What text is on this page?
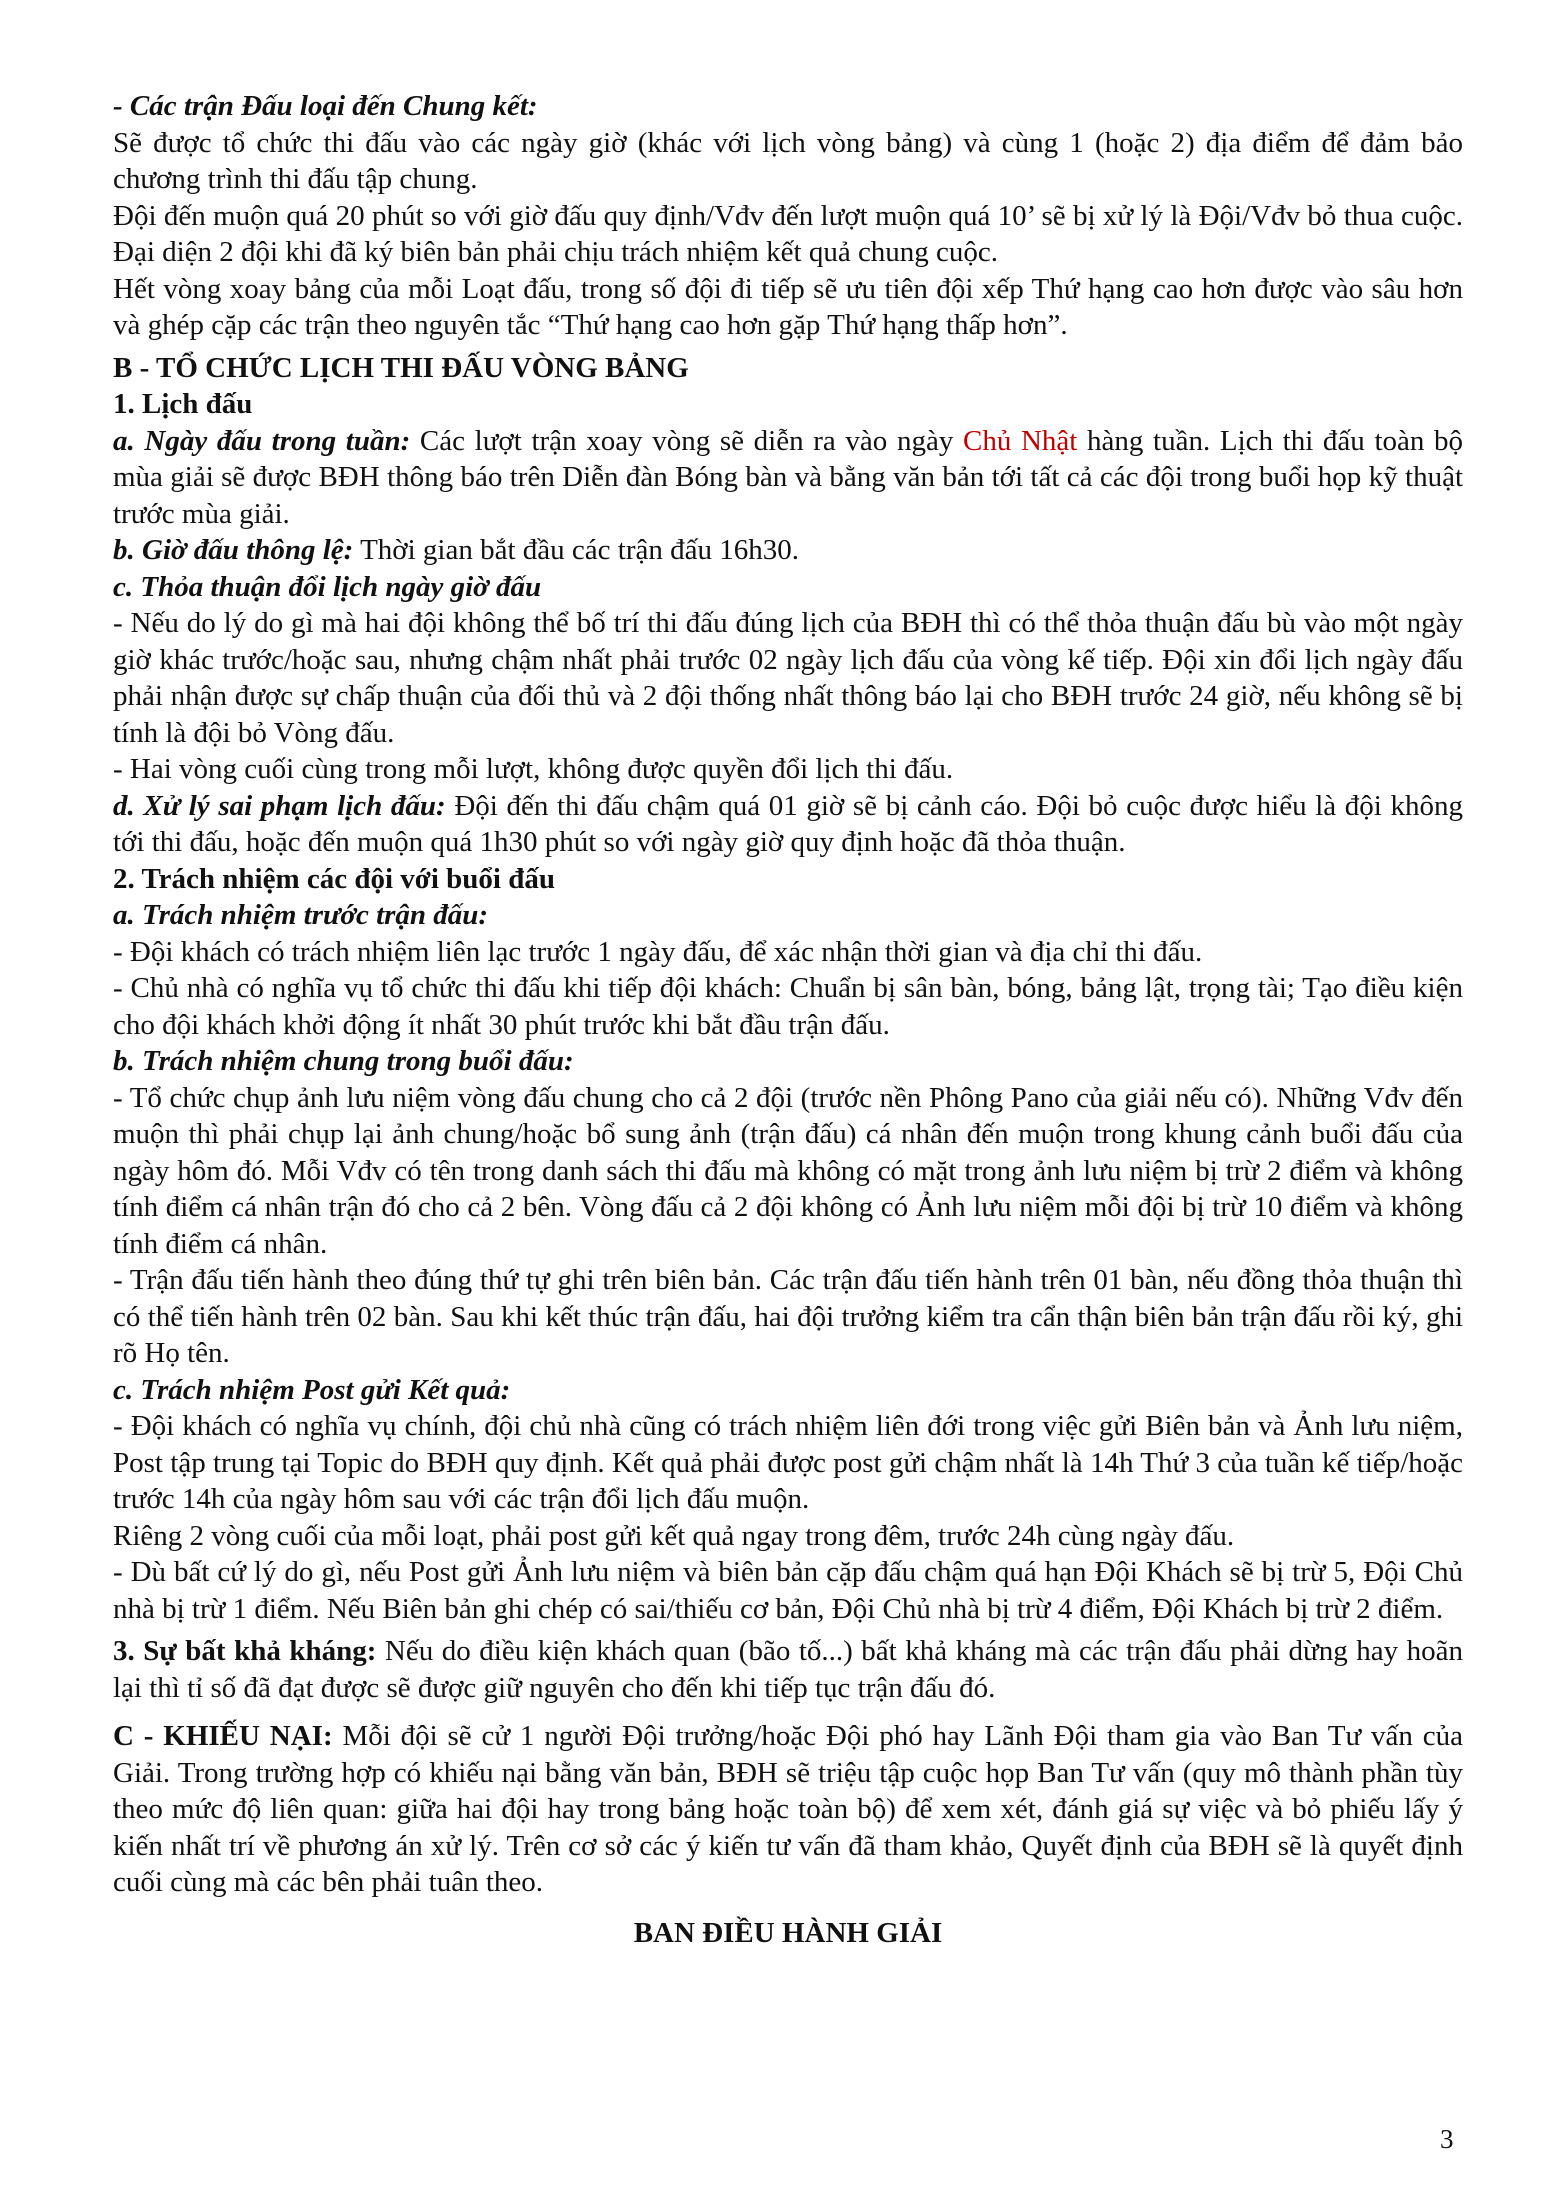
- Các trận Đấu loại đến Chung kết:

Sẽ được tổ chức thi đấu vào các ngày giờ (khác với lịch vòng bảng) và cùng 1 (hoặc 2) địa điểm để đảm bảo chương trình thi đấu tập chung.

Đội đến muộn quá 20 phút so với giờ đấu quy định/Vđv đến lượt muộn quá 10’ sẽ bị xử lý là Đội/Vđv bỏ thua cuộc. Đại diện 2 đội khi đã ký biên bản phải chịu trách nhiệm kết quả chung cuộc.

Hết vòng xoay bảng của mỗi Loạt đấu, trong số đội đi tiếp sẽ ưu tiên đội xếp Thứ hạng cao hơn được vào sâu hơn và ghép cặp các trận theo nguyên tắc “Thứ hạng cao hơn gặp Thứ hạng thấp hơn”.

B - TỔ CHỨC LỊCH THI ĐẤU VÒNG BẢNG

1. Lịch đấu

a. Ngày đấu trong tuần: Các lượt trận xoay vòng sẽ diễn ra vào ngày Chủ Nhật hàng tuần. Lịch thi đấu toàn bộ mùa giải sẽ được BĐH thông báo trên Diễn đàn Bóng bàn và bằng văn bản tới tất cả các đội trong buổi họp kỹ thuật trước mùa giải.

b. Giờ đấu thông lệ: Thời gian bắt đầu các trận đấu 16h30.

c. Thỏa thuận đổi lịch ngày giờ đấu

- Nếu do lý do gì mà hai đội không thể bố trí thi đấu đúng lịch của BĐH thì có thể thỏa thuận đấu bù vào một ngày giờ khác trước/hoặc sau, nhưng chậm nhất phải trước 02 ngày lịch đấu của vòng kế tiếp. Đội xin đổi lịch ngày đấu phải nhận được sự chấp thuận của đối thủ và 2 đội thống nhất thông báo lại cho BĐH trước 24 giờ, nếu không sẽ bị tính là đội bỏ Vòng đấu.

- Hai vòng cuối cùng trong mỗi lượt, không được quyền đổi lịch thi đấu.

d. Xử lý sai phạm lịch đấu: Đội đến thi đấu chậm quá 01 giờ sẽ bị cảnh cáo. Đội bỏ cuộc được hiểu là đội không tới thi đấu, hoặc đến muộn quá 1h30 phút so với ngày giờ quy định hoặc đã thỏa thuận.

2. Trách nhiệm các đội với buổi đấu

a. Trách nhiệm trước trận đấu:

- Đội khách có trách nhiệm liên lạc trước 1 ngày đấu, để xác nhận thời gian và địa chỉ thi đấu.

- Chủ nhà có nghĩa vụ tổ chức thi đấu khi tiếp đội khách: Chuẩn bị sân bàn, bóng, bảng lật, trọng tài; Tạo điều kiện cho đội khách khởi động ít nhất 30 phút trước khi bắt đầu trận đấu.

b. Trách nhiệm chung trong buổi đấu:

- Tổ chức chụp ảnh lưu niệm vòng đấu chung cho cả 2 đội (trước nền Phông Pano của giải nếu có). Những Vđv đến muộn thì phải chụp lại ảnh chung/hoặc bổ sung ảnh (trận đấu) cá nhân đến muộn trong khung cảnh buổi đấu của ngày hôm đó. Mỗi Vđv có tên trong danh sách thi đấu mà không có mặt trong ảnh lưu niệm bị trừ 2 điểm và không tính điểm cá nhân trận đó cho cả 2 bên. Vòng đấu cả 2 đội không có Ảnh lưu niệm mỗi đội bị trừ 10 điểm và không tính điểm cá nhân.

- Trận đấu tiến hành theo đúng thứ tự ghi trên biên bản. Các trận đấu tiến hành trên 01 bàn, nếu đồng thỏa thuận thì có thể tiến hành trên 02 bàn. Sau khi kết thúc trận đấu, hai đội trưởng kiểm tra cẩn thận biên bản trận đấu rồi ký, ghi rõ Họ tên.

c. Trách nhiệm Post gửi Kết quả:

- Đội khách có nghĩa vụ chính, đội chủ nhà cũng có trách nhiệm liên đới trong việc gửi Biên bản và Ảnh lưu niệm, Post tập trung tại Topic do BĐH quy định. Kết quả phải được post gửi chậm nhất là 14h Thứ 3 của tuần kế tiếp/hoặc trước 14h của ngày hôm sau với các trận đổi lịch đấu muộn.

Riêng 2 vòng cuối của mỗi loạt, phải post gửi kết quả ngay trong đêm, trước 24h cùng ngày đấu.

- Dù bất cứ lý do gì, nếu Post gửi Ảnh lưu niệm và biên bản cặp đấu chậm quá hạn Đội Khách sẽ bị trừ 5, Đội Chủ nhà bị trừ 1 điểm. Nếu Biên bản ghi chép có sai/thiếu cơ bản, Đội Chủ nhà bị trừ 4 điểm, Đội Khách bị trừ 2 điểm.

3. Sự bất khả kháng: Nếu do điều kiện khách quan (bão tố...) bất khả kháng mà các trận đấu phải dừng hay hoãn lại thì tỉ số đã đạt được sẽ được giữ nguyên cho đến khi tiếp tục trận đấu đó.

C - KHIẾU NẠI: Mỗi đội sẽ cử 1 người Đội trưởng/hoặc Đội phó hay Lãnh Đội tham gia vào Ban Tư vấn của Giải. Trong trường hợp có khiếu nại bằng văn bản, BĐH sẽ triệu tập cuộc họp Ban Tư vấn (quy mô thành phần tùy theo mức độ liên quan: giữa hai đội hay trong bảng hoặc toàn bộ) để xem xét, đánh giá sự việc và bỏ phiếu lấy ý kiến nhất trí về phương án xử lý. Trên cơ sở các ý kiến tư vấn đã tham khảo, Quyết định của BĐH sẽ là quyết định cuối cùng mà các bên phải tuân theo.

BAN ĐIỀU HÀNH GIẢI

3
